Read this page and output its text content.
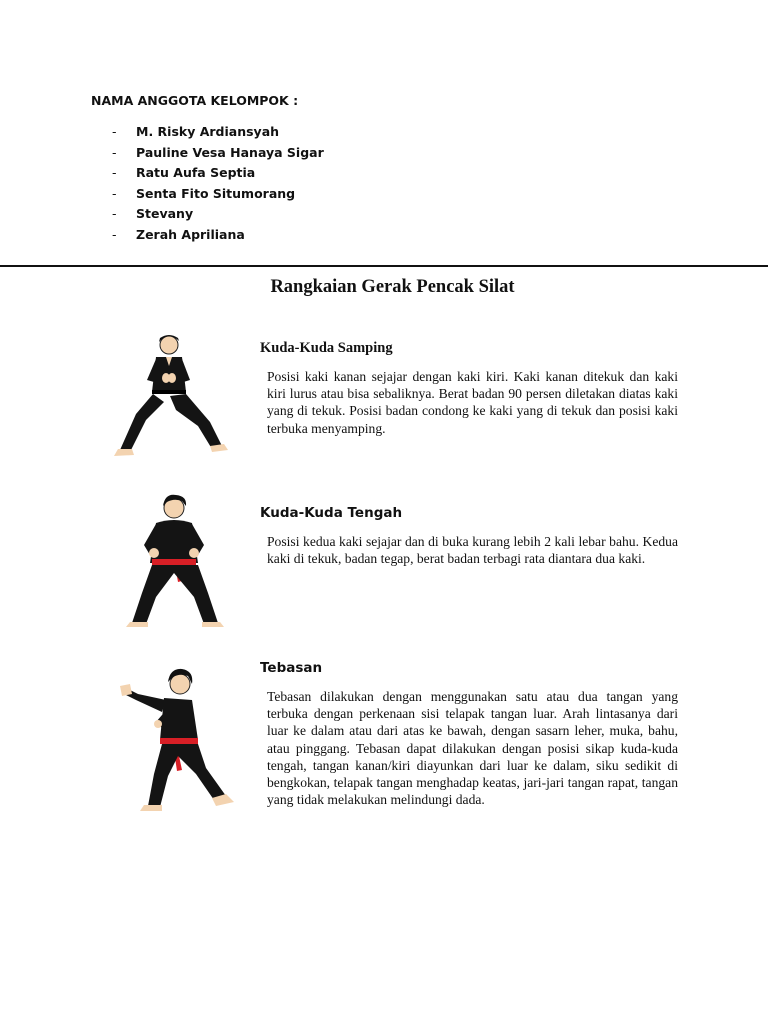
NAMA ANGGOTA KELOMPOK :
- M. Risky Ardiansyah
- Pauline Vesa Hanaya Sigar
- Ratu Aufa Septia
- Senta Fito Situmorang
- Stevany
- Zerah Apriliana
Rangkaian Gerak Pencak Silat
Kuda-Kuda Samping

Posisi kaki kanan sejajar dengan kaki kiri. Kaki kanan ditekuk dan kaki kiri lurus atau bisa sebaliknya. Berat badan 90 persen diletakan diatas kaki yang di tekuk. Posisi badan condong ke kaki yang di tekuk dan posisi kaki terbuka menyamping.

Kuda-Kuda Tengah

Posisi kedua kaki sejajar dan di buka kurang lebih 2 kali lebar bahu. Kedua kaki di tekuk, badan tegap, berat badan terbagi rata diantara dua kaki.

Tebasan

Tebasan dilakukan dengan menggunakan satu atau dua tangan yang terbuka dengan perkenaan sisi telapak tangan luar. Arah lintasanya dari luar ke dalam atau dari atas ke bawah, dengan sasarn leher, muka, bahu, atau pinggang. Tebasan dapat dilakukan dengan posisi sikap kuda-kuda tengah, tangan kanan/kiri diayunkan dari luar ke dalam, siku sedikit di bengkokan, telapak tangan menghadap keatas, jari-jari tangan rapat, tangan yang tidak melakukan melindungi dada.
